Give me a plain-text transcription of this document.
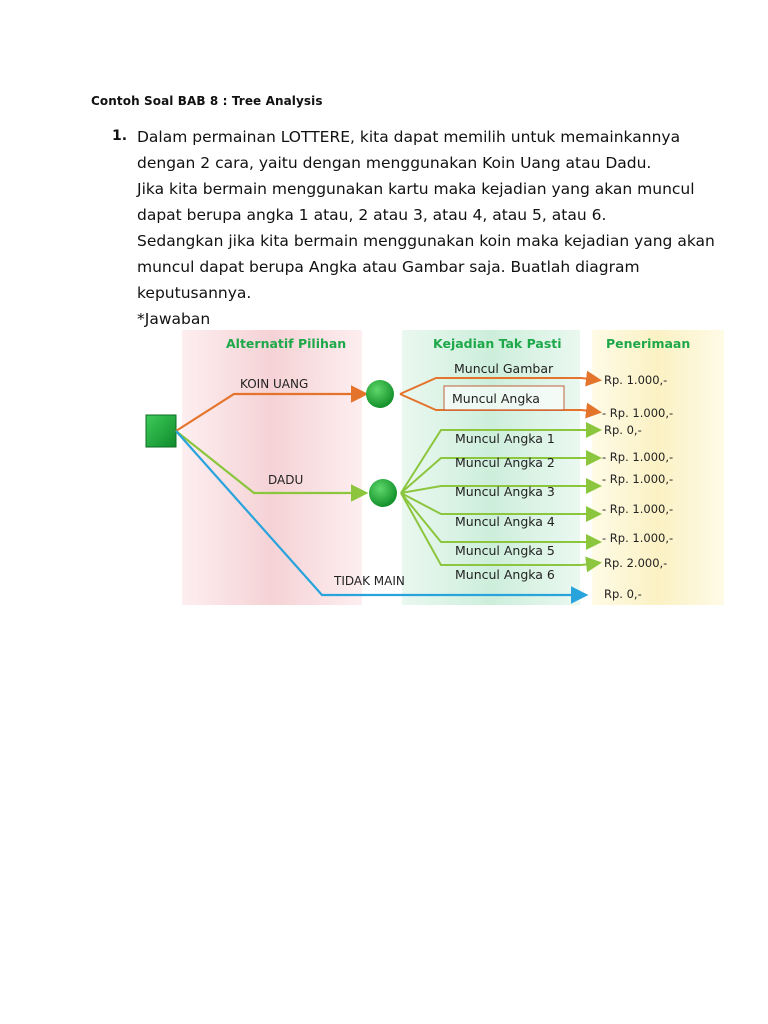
Contoh Soal BAB 8 : Tree Analysis
1. Dalam permainan LOTTERE, kita dapat memilih untuk memainkannya
dengan 2 cara, yaitu dengan menggunakan Koin Uang atau Dadu.
Jika kita bermain menggunakan kartu maka kejadian yang akan muncul
dapat berupa angka 1 atau, 2 atau 3, atau 4, atau 5, atau 6.
Sedangkan jika kita bermain menggunakan koin maka kejadian yang akan
muncul dapat berupa Angka atau Gambar saja. Buatlah diagram
keputusannya.
*Jawaban
Alternatif Pilihan	Kejadian Tak Pasti	Penerimaan
KOIN UANG
DADU
TIDAK MAIN
Muncul Gambar
Muncul Angka
Muncul Angka 1
Muncul Angka 2
Muncul Angka 3
Muncul Angka 4
Muncul Angka 5
Muncul Angka 6
Rp. 1.000,-
- Rp. 1.000,-
Rp. 0,-
- Rp. 1.000,-
- Rp. 1.000,-
- Rp. 1.000,-
- Rp. 1.000,-
Rp. 2.000,-
Rp. 0,-
